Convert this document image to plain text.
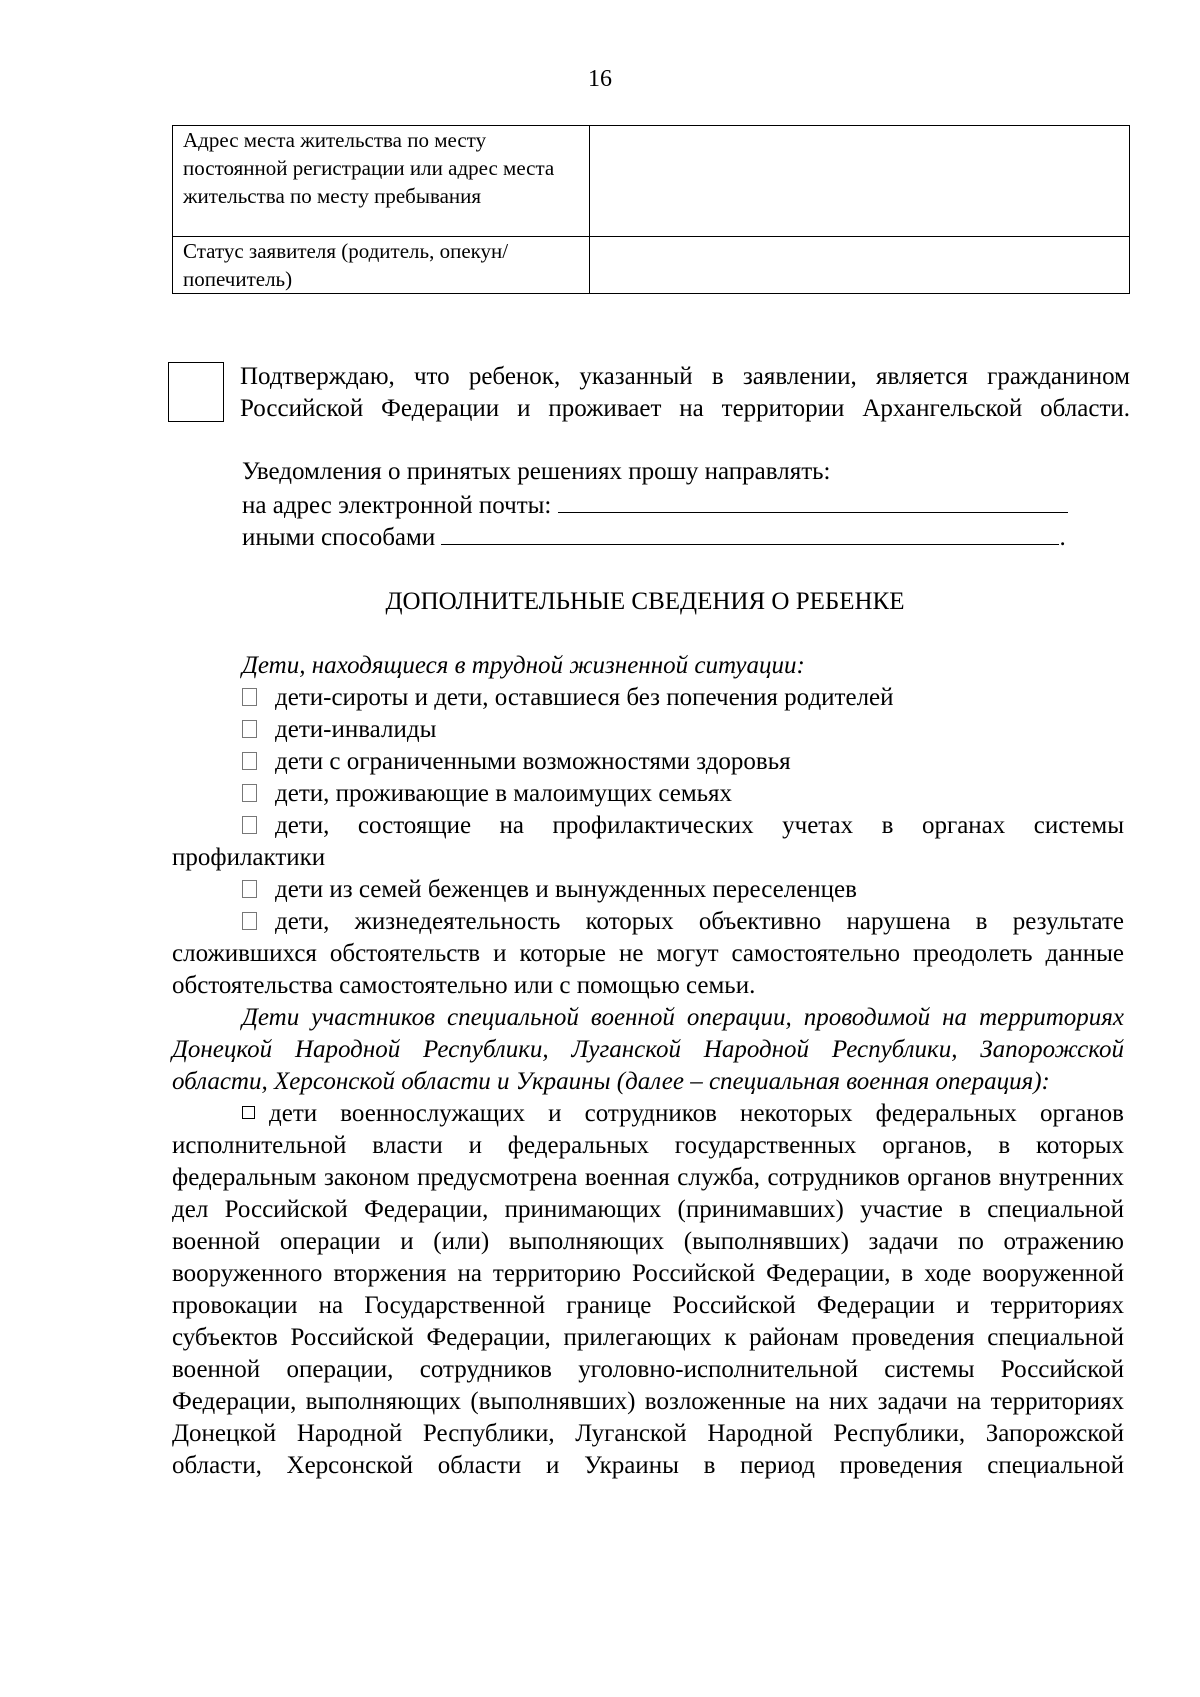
16
Адрес места жительства по месту постоянной регистрации или адрес места жительства по месту пребывания	
Статус заявителя (родитель, опекун/попечитель)	
Подтверждаю, что ребенок, указанный в заявлении, является гражданином Российской Федерации и проживает на территории Архангельской области.
Уведомления о принятых решениях прошу направлять:
на адрес электронной почты:
иными способами	.
ДОПОЛНИТЕЛЬНЫЕ СВЕДЕНИЯ О РЕБЕНКЕ

Дети, находящиеся в трудной жизненной ситуации:

дети-сироты и дети, оставшиеся без попечения родителей

дети-инвалиды

дети с ограниченными возможностями здоровья

дети, проживающие в малоимущих семьях

дети, состоящие на профилактических учетах в органах системы профилактики

дети из семей беженцев и вынужденных переселенцев

дети, жизнедеятельность которых объективно нарушена в результате сложившихся обстоятельств и которые не могут самостоятельно преодолеть данные обстоятельства самостоятельно или с помощью семьи.

Дети участников специальной военной операции, проводимой на территориях Донецкой Народной Республики, Луганской Народной Республики, Запорожской области, Херсонской области и Украины (далее – специальная военная операция):

дети военнослужащих и сотрудников некоторых федеральных органов исполнительной власти и федеральных государственных органов, в которых федеральным законом предусмотрена военная служба, сотрудников органов внутренних дел Российской Федерации, принимающих (принимавших) участие в специальной военной операции и (или) выполняющих (выполнявших) задачи по отражению вооруженного вторжения на территорию Российской Федерации, в ходе вооруженной провокации на Государственной границе Российской Федерации и территориях субъектов Российской Федерации, прилегающих к районам проведения специальной военной операции, сотрудников уголовно-исполнительной системы Российской Федерации, выполняющих (выполнявших) возложенные на них задачи на территориях Донецкой Народной Республики, Луганской Народной Республики, Запорожской области, Херсонской области и Украины в период проведения специальной
